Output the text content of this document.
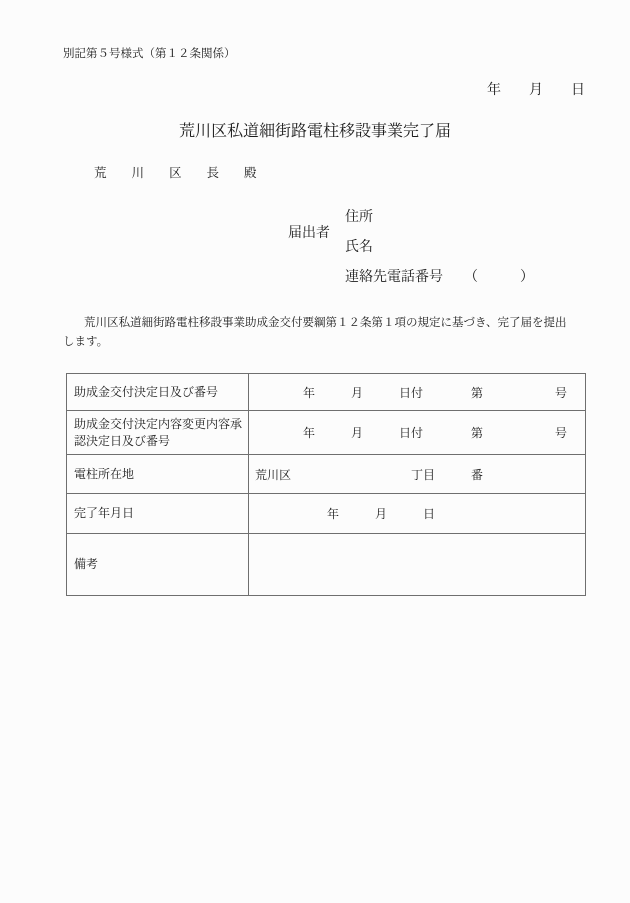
別記第５号様式（第１２条関係）
年　　月　　日
荒川区私道細街路電柱移設事業完了届
荒　　川　　区　　長　　殿
届出者
住所
氏名
連絡先電話番号　　（　　　）

荒川区私道細街路電柱移設事業助成金交付要綱第１２条第１項の規定に基づき、完了届を提出します。

助成金交付決定日及び番号	　　　　年　　　月　　　日付　　　　第　　　　　　号
助成金交付決定内容変更内容承認決定日及び番号	　　　　年　　　月　　　日付　　　　第　　　　　　号
電柱所在地	荒川区　　　　　　　　　　丁目　　　番
完了年月日	　　　　　　年　　　月　　　日
備考	
